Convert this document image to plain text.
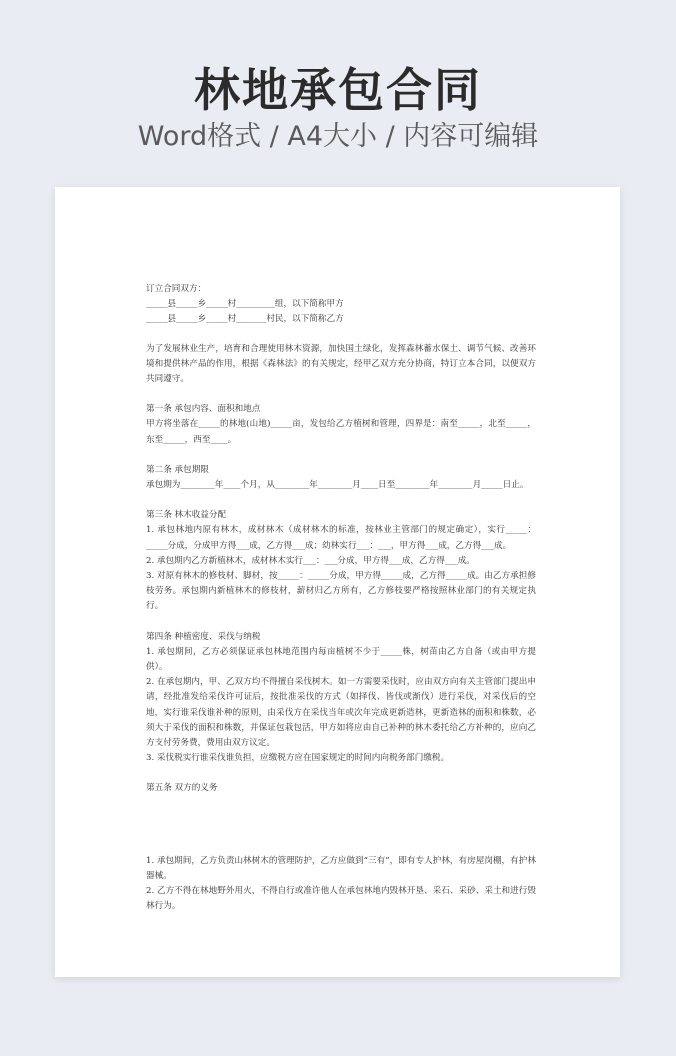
林地承包合同
Word格式 / A4大小 / 内容可编辑

订立合同双方：

_____县_____乡_____村_________组，以下简称甲方

_____县_____乡_____村_______村民，以下简称乙方

为了发展林业生产，培育和合理使用林木资源，加快国土绿化，发挥森林蓄水保土、调节气候、改善环境和提供林产品的作用，根据《森林法》的有关规定，经甲乙双方充分协商，特订立本合同，以便双方共同遵守。

第一条 承包内容、面积和地点

甲方将坐落在_____的林地(山地)_____亩，发包给乙方植树和管理，四界是：南至_____，北至_____，东至_____，西至____。

第二条 承包期限

承包期为________年____个月，从________年________月____日至________年________月_____日止。

第三条 林木收益分配

1. 承包林地内原有林木，成材林木（成材林木的标准，按林业主管部门的规定确定），实行_____：_____分成，分成甲方得___成，乙方得___成；幼林实行___：___，甲方得___成，乙方得___成。

2. 承包期内乙方新植林木，成材林木实行___：___分成，甲方得___成，乙方得___成。

3. 对原有林木的修枝材、脚材，按_____：_____分成，甲方得_____成，乙方得_____成。由乙方承担修枝劳务。承包期内新植林木的修枝材，薪材归乙方所有，乙方修枝要严格按照林业部门的有关规定执行。

第四条 种植密度、采伐与纳税

1. 承包期间，乙方必须保证承包林地范围内每亩植树不少于_____株，树苗由乙方自备（或由甲方提供）。

2. 在承包期内，甲、乙双方均不得擅自采伐树木。如一方需要采伐时，应由双方向有关主管部门提出申请，经批准发给采伐许可证后，按批准采伐的方式（如择伐、皆伐或渐伐）进行采伐，对采伐后的空地，实行谁采伐谁补种的原则，由采伐方在采伐当年或次年完成更新造林，更新造林的面积和株数，必须大于采伐的面积和株数，并保证包栽包活，甲方如将应由自己补种的林木委托给乙方补种的，应向乙方支付劳务费，费用由双方议定。

3. 采伐税实行谁采伐谁负担，应缴税方应在国家规定的时间内向税务部门缴税。

第五条 双方的义务

1. 承包期间，乙方负责山林树木的管理防护，乙方应做到“三有”，即有专人护林，有房屋岗棚，有护林器械。

2. 乙方不得在林地野外用火，不得自行或准许他人在承包林地内毁林开垦、采石、采砂、采土和进行毁林行为。
